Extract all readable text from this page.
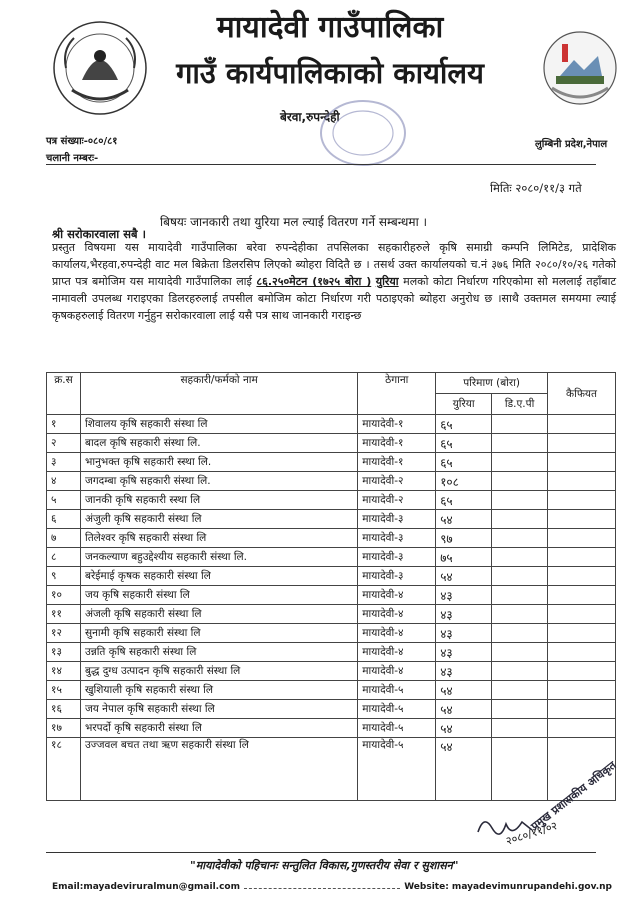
मायादेवी गाउँपालिका
गाउँ कार्यपालिकाको कार्यालय
बेरवा,रुपन्देही
लुम्बिनी प्रदेश,नेपाल
पत्र संख्याः-०८०/८१
चलानी नम्बरः-
मितिः २०८०/११/३ गते
बिषयः जानकारी तथा युरिया मल ल्याई वितरण गर्ने सम्बन्धमा ।
श्री सरोकारवाला सबै ।
प्रस्तुत विषयमा यस मायादेवी गाउँपालिका बरेवा रुपन्देहीका तपसिलका सहकारीहरुले कृषि समाग्री कम्पनि लिमिटेड, प्रादेशिक कार्यालय,भैरहवा,रुपन्देही वाट मल बिक्रेता डिलरसिप लिएको ब्योहरा विदितै छ । तसर्थ उक्त कार्यालयको च.नं ३७६ मिति २०८०/१०/२६ गतेको प्राप्त पत्र बमोजिम यस मायादेवी गाउँपालिका लाई ८६.२५०मेटन (१७२५ बोरा ) युरिया मलको कोटा निर्धारण गरिएकोमा सो मललाई तहाँबाट नामावली उपलब्ध गराइएका डिलरहरुलाई तपसील बमोजिम कोटा निर्धारण गरी पठाइएको ब्योहरा अनुरोध छ ।साथै उक्तमल समयमा ल्याई कृषकहरुलाई वितरण गर्नुहुन सरोकारवाला लाई यसै पत्र साथ जानकारी गराइन्छ
क्र.स	सहकारी/फर्मको नाम	ठेगाना	परिमाण (बोरा)		कैफियत
			युरिया	डि.ए.पी	
१	शिवालय कृषि सहकारी संस्था लि	मायादेवी-१	६५		
२	बादल कृषि सहकारी संस्था लि.	मायादेवी-१	६५		
३	भानुभक्त कृषि सहकारी स्स्था लि.	मायादेवी-१	६५		
४	जगदम्बा कृषि सहकारी संस्था लि.	मायादेवी-२	१०८		
५	जानकी कृषि सहकारी स्स्था लि	मायादेवी-२	६५		
६	अंजुली कृषि सहकारी संस्था लि	मायादेवी-३	५४		
७	तिलेश्वर कृषि सहकारी संस्था लि	मायादेवी-३	९७		
८	जनकल्याण बहुउद्देश्यीय सहकारी संस्था लि.	मायादेवी-३	७५		
९	बरेईमाई कृषक सहकारी संस्था लि	मायादेवी-३	५४		
१०	जय कृषि सहकारी संस्था लि	मायादेवी-४	४३		
११	अंजली कृषि सहकारी संस्था लि	मायादेवी-४	४३		
१२	सुनामी कृषि सहकारी संस्था लि	मायादेवी-४	४३		
१३	उन्नति कृषि सहकारी संस्था लि	मायादेवी-४	४३		
१४	बुद्ध दुग्ध उत्पादन कृषि सहकारी संस्था लि	मायादेवी-४	४३		
१५	खुशियाली कृषि सहकारी संस्था लि	मायादेवी-५	५४		
१६	जय नेपाल कृषि सहकारी संस्था लि	मायादेवी-५	५४		
१७	भरपर्दो कृषि सहकारी संस्था लि	मायादेवी-५	५४		
१८	उज्जवल बचत तथा ऋण सहकारी संस्था लि	मायादेवी-५	५४		
२०८०/११/०२
प्रमुख प्रशासकीय अधिकृत
"मायादेवीको पहिचानः सन्तुलित विकास,गुणस्तरीय सेवा र सुशासन"
Email:mayadeviruralmun@gmail.com	Website: mayadevimunrupandehi.gov.np
